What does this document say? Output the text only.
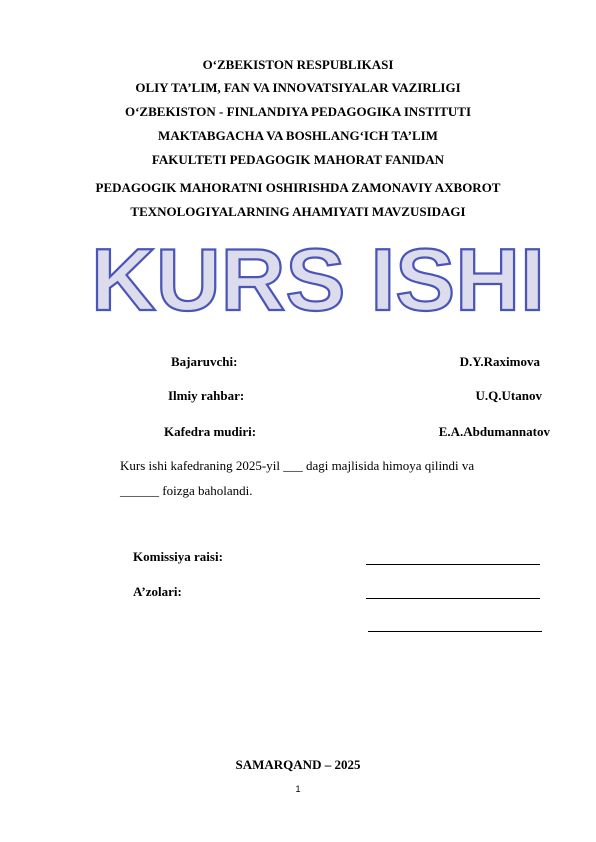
O‘ZBEKISTON RESPUBLIKASI
OLIY TA’LIM, FAN VA INNOVATSIYALAR VAZIRLIGI
O‘ZBEKISTON - FINLANDIYA PEDAGOGIKA INSTITUTI
MAKTABGACHA VA BOSHLANG‘ICH TA’LIM
FAKULTETI PEDAGOGIK MAHORAT FANIDAN
PEDAGOGIK MAHORATNI OSHIRISHDA ZAMONAVIY AXBOROT
TEXNOLOGIYALARNING AHAMIYATI MAVZUSIDAGI
KURS ISHI
Bajaruvchi:	D.Y.Raximova
Ilmiy rahbar:	U.Q.Utanov
Kafedra mudiri:	E.A.Abdumannatov
Kurs ishi kafedraning 2025-yil ___ dagi majlisida himoya qilindi va
______ foizga baholandi.
Komissiya raisi:
A’zolari:
SAMARQAND – 2025
1
